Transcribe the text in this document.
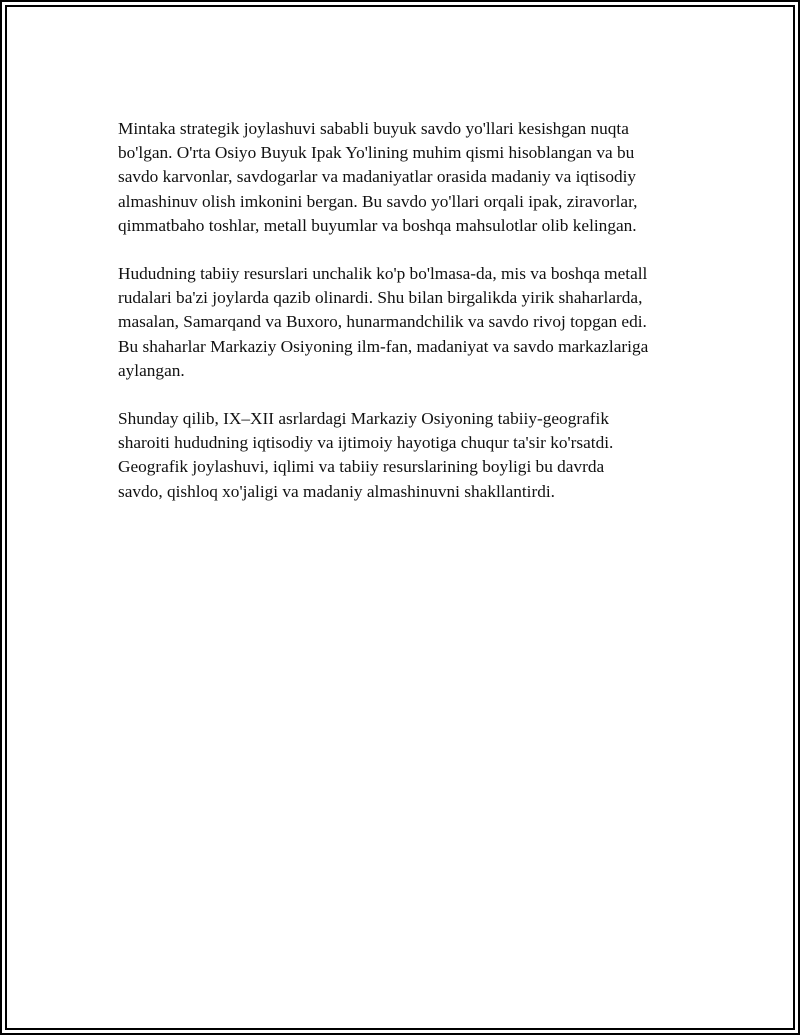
Mintaka strategik joylashuvi sababli buyuk savdo yo'llari kesishgan nuqta
bo'lgan. O'rta Osiyo Buyuk Ipak Yo'lining muhim qismi hisoblangan va bu
savdo karvonlar, savdogarlar va madaniyatlar orasida madaniy va iqtisodiy
almashinuv olish imkonini bergan. Bu savdo yo'llari orqali ipak, ziravorlar,
qimmatbaho toshlar, metall buyumlar va boshqa mahsulotlar olib kelingan.

Hududning tabiiy resurslari unchalik ko'p bo'lmasa-da, mis va boshqa metall
rudalari ba'zi joylarda qazib olinardi. Shu bilan birgalikda yirik shaharlarda,
masalan, Samarqand va Buxoro, hunarmandchilik va savdo rivoj topgan edi.
Bu shaharlar Markaziy Osiyoning ilm-fan, madaniyat va savdo markazlariga
aylangan.

Shunday qilib, IX–XII asrlardagi Markaziy Osiyoning tabiiy-geografik
sharoiti hududning iqtisodiy va ijtimoiy hayotiga chuqur ta'sir ko'rsatdi.
Geografik joylashuvi, iqlimi va tabiiy resurslarining boyligi bu davrda
savdo, qishloq xo'jaligi va madaniy almashinuvni shakllantirdi.
